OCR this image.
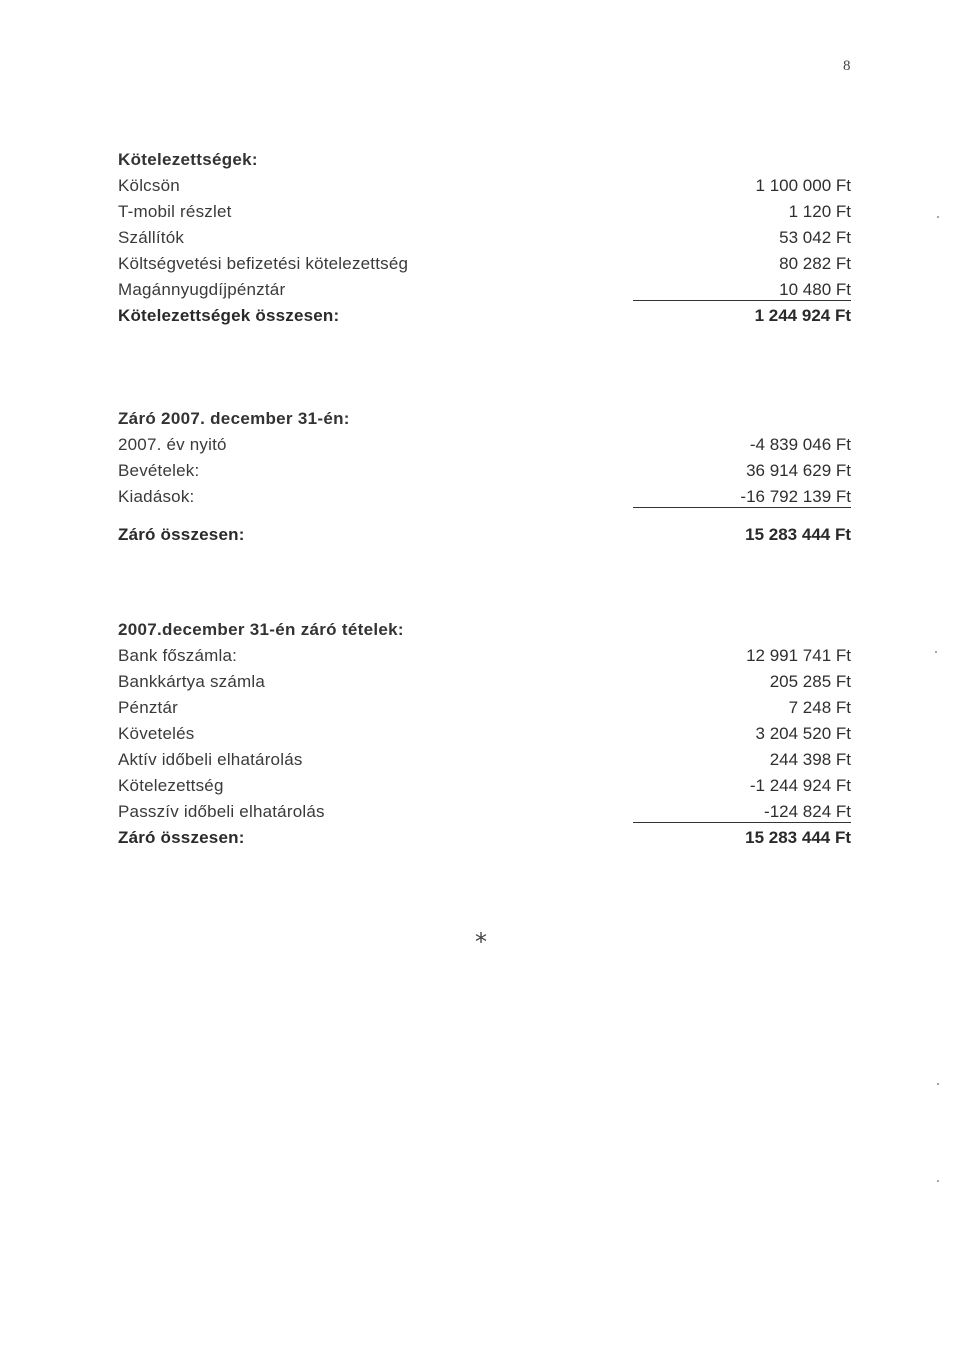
8
Kötelezettségek:
Kölcsön	1 100 000 Ft
T-mobil részlet	1 120 Ft
Szállítók	53 042 Ft
Költségvetési befizetési kötelezettség	80 282 Ft
Magánnyugdíjpénztár	10 480 Ft
Kötelezettségek összesen:	1 244 924 Ft
Záró 2007. december 31-én:
2007. év nyitó	-4 839 046 Ft
Bevételek:	36 914 629 Ft
Kiadások:	-16 792 139 Ft
Záró összesen:	15 283 444 Ft
2007.december 31-én záró tételek:
Bank főszámla:	12 991 741 Ft
Bankkártya számla	205 285 Ft
Pénztár	7 248 Ft
Követelés	3 204 520 Ft
Aktív időbeli elhatárolás	244 398 Ft
Kötelezettség	-1 244 924 Ft
Passzív időbeli elhatárolás	-124 824 Ft
Záró összesen:	15 283 444 Ft
*
